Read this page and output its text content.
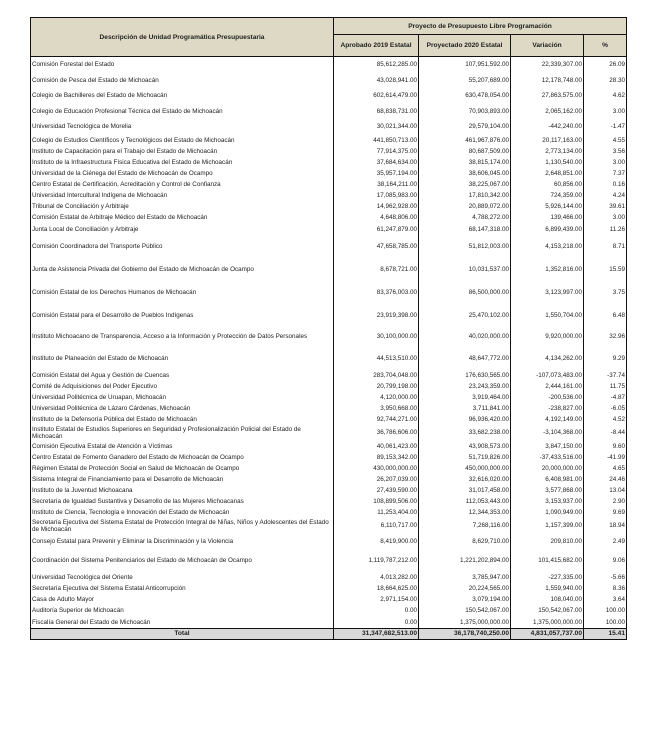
Descripción de Unidad Programática Presupuestaria	Proyecto de Presupuesto Libre Programación			
	Aprobado 2019 Estatal	Proyectado 2020 Estatal	Variación	%
Comisión Forestal del Estado	85,612,285.00	107,951,592.00	22,339,307.00	26.09
Comisión de Pesca del Estado de Michoacán	43,028,941.00	55,207,689.00	12,178,748.00	28.30
Colegio de Bachilleres del Estado de Michoacán	602,614,479.00	630,478,054.00	27,863,575.00	4.62
Colegio de Educación Profesional Técnica del Estado de Michoacán	68,838,731.00	70,903,893.00	2,065,162.00	3.00
Universidad Tecnológica de Morelia	30,021,344.00	29,579,104.00	-442,240.00	-1.47
Colegio de Estudios Científicos y Tecnológicos del Estado de Michoacán	441,850,713.00	461,967,876.00	20,117,163.00	4.55
Instituto de Capacitación para el Trabajo del Estado de Michoacán	77,914,375.00	80,687,509.00	2,773,134.00	3.56
Instituto de la Infraestructura Física Educativa del Estado de Michoacán	37,684,634.00	38,815,174.00	1,130,540.00	3.00
Universidad de la Ciénega del Estado de Michoacán de Ocampo	35,957,194.00	38,606,045.00	2,648,851.00	7.37
Centro Estatal de Certificación, Acreditación y Control de Confianza	38,164,211.00	38,225,067.00	60,856.00	0.16
Universidad Intercultural Indígena de Michoacán	17,085,983.00	17,810,342.00	724,359.00	4.24
Tribunal de Conciliación y Arbitraje	14,962,928.00	20,889,072.00	5,926,144.00	39.61
Comisión Estatal de Arbitraje Médico del Estado de Michoacán	4,648,806.00	4,788,272.00	139,466.00	3.00
Junta Local de Conciliación y Arbitraje	61,247,879.00	68,147,318.00	6,899,439.00	11.26
Comisión Coordinadora del Transporte Público	47,658,785.00	51,812,003.00	4,153,218.00	8.71
Junta de Asistencia Privada del Gobierno del Estado de Michoacán de Ocampo	8,678,721.00	10,031,537.00	1,352,816.00	15.59
Comisión Estatal de los Derechos Humanos de Michoacán	83,376,003.00	86,500,000.00	3,123,997.00	3.75
Comisión Estatal para el Desarrollo de Pueblos Indígenas	23,919,398.00	25,470,102.00	1,550,704.00	6.48
Instituto Michoacano de Transparencia, Acceso a la Información y Protección de Datos Personales	30,100,000.00	40,020,000.00	9,920,000.00	32.96
Instituto de Planeación del Estado de Michoacán	44,513,510.00	48,647,772.00	4,134,262.00	9.29
Comisión Estatal del Agua y Gestión de Cuencas	283,704,048.00	176,630,565.00	-107,073,483.00	-37.74
Comité de Adquisiciones del Poder Ejecutivo	20,799,198.00	23,243,359.00	2,444,161.00	11.75
Universidad Politécnica de Uruapan, Michoacán	4,120,000.00	3,919,464.00	-200,536.00	-4.87
Universidad Politécnica de Lázaro Cárdenas, Michoacán	3,950,668.00	3,711,841.00	-238,827.00	-6.05
Instituto de la Defensoría Pública del Estado de Michoacán	92,744,271.00	96,936,420.00	4,192,149.00	4.52
Instituto Estatal de Estudios Superiores en Seguridad y Profesionalización Policial del Estado de Michoacán	36,786,606.00	33,682,238.00	-3,104,368.00	-8.44
Comisión Ejecutiva Estatal de Atención a Víctimas	40,061,423.00	43,908,573.00	3,847,150.00	9.60
Centro Estatal de Fomento Ganadero del Estado de Michoacán de Ocampo	89,153,342.00	51,719,826.00	-37,433,516.00	-41.99
Régimen Estatal de Protección Social en Salud de Michoacán de Ocampo	430,000,000.00	450,000,000.00	20,000,000.00	4.65
Sistema Integral de Financiamiento para el Desarrollo de Michoacán	26,207,039.00	32,616,020.00	6,408,981.00	24.46
Instituto de la Juventud Michoacana	27,439,590.00	31,017,458.00	3,577,868.00	13.04
Secretaría de Igualdad Sustantiva y Desarrollo de las Mujeres Michoacanas	108,899,506.00	112,053,443.00	3,153,937.00	2.90
Instituto de Ciencia, Tecnología e Innovación del Estado de Michoacán	11,253,404.00	12,344,353.00	1,090,949.00	9.69
Secretaría Ejecutiva del Sistema Estatal de Protección Integral de Niñas, Niños y Adolescentes del Estado de Michoacán	6,110,717.00	7,268,116.00	1,157,399.00	18.94
Consejo Estatal para Prevenir y Eliminar la Discriminación y la Violencia	8,419,900.00	8,629,710.00	209,810.00	2.49
Coordinación del Sistema Penitenciarios del Estado de Michoacán de Ocampo	1,119,787,212.00	1,221,202,894.00	101,415,682.00	9.06
Universidad Tecnológica del Oriente	4,013,282.00	3,785,947.00	-227,335.00	-5.66
Secretaría Ejecutiva del Sistema Estatal Anticorrupción	18,664,625.00	20,224,565.00	1,559,940.00	8.36
Casa de Adulto Mayor	2,971,154.00	3,079,194.00	108,040.00	3.64
Auditoría Superior de Michoacán	0.00	150,542,067.00	150,542,067.00	100.00
Fiscalía General del Estado de Michoacán	0.00	1,375,000,000.00	1,375,000,000.00	100.00
Total	31,347,682,513.00	36,178,740,250.00	4,831,057,737.00	15.41
